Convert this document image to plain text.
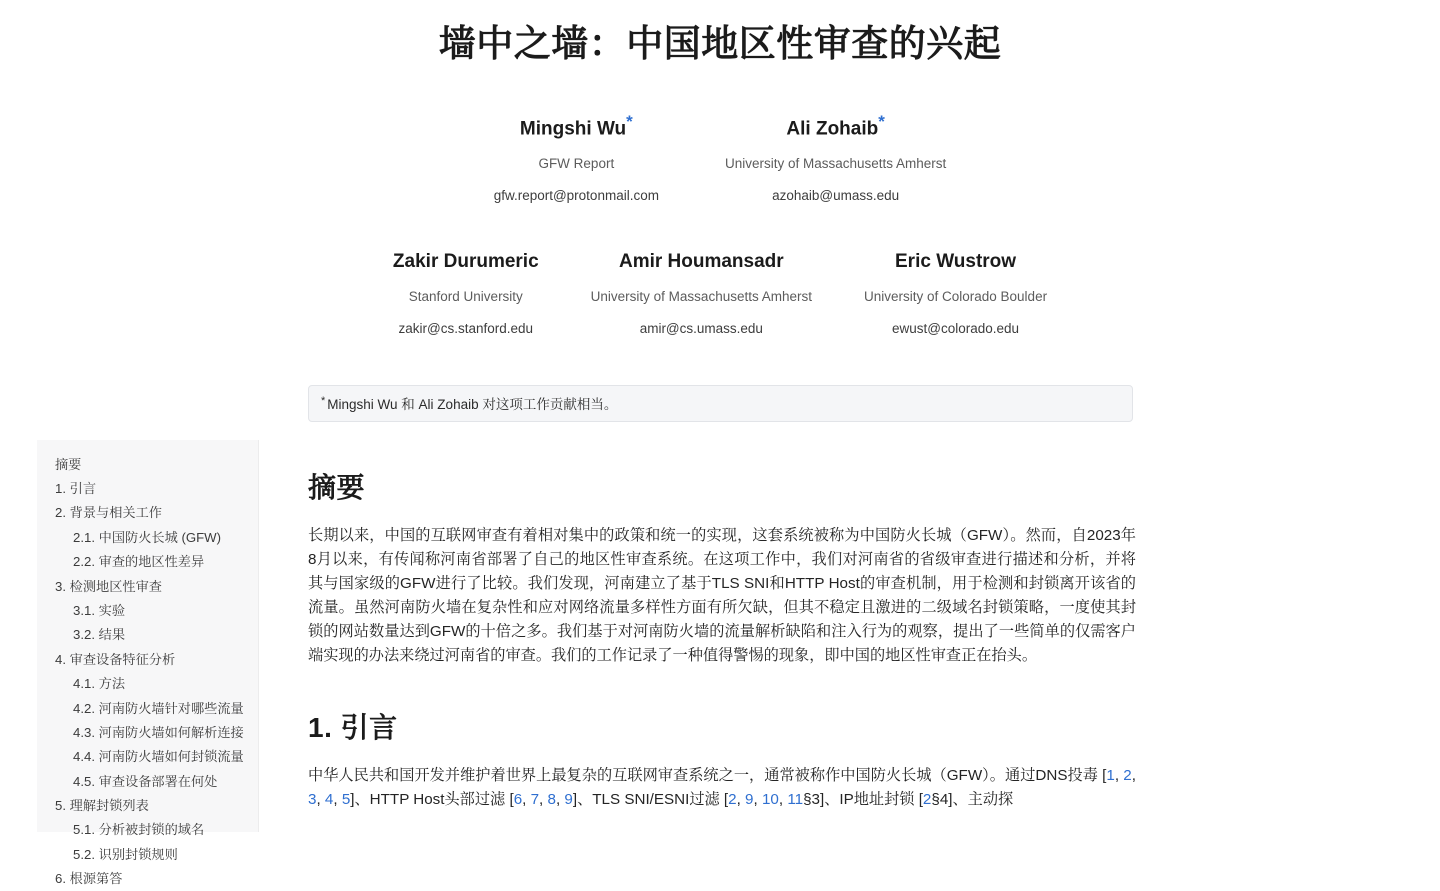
墙中之墙：中国地区性审查的兴起
Mingshi Wu*
GFW Report
gfw.report@protonmail.com
Ali Zohaib*
University of Massachusetts Amherst
azohaib@umass.edu
Zakir Durumeric
Stanford University
zakir@cs.stanford.edu
Amir Houmansadr
University of Massachusetts Amherst
amir@cs.umass.edu
Eric Wustrow
University of Colorado Boulder
ewust@colorado.edu
* Mingshi Wu 和 Ali Zohaib 对这项工作贡献相当。
摘要
1. 引言
2. 背景与相关工作
2.1. 中国防火长城 (GFW)
2.2. 审查的地区性差异
3. 检测地区性审查
3.1. 实验
3.2. 结果
4. 审查设备特征分析
4.1. 方法
4.2. 河南防火墙针对哪些流量
4.3. 河南防火墙如何解析连接
4.4. 河南防火墙如何封锁流量
4.5. 审查设备部署在何处
5. 理解封锁列表
5.1. 分析被封锁的域名
5.2. 识别封锁规则
6. 根源第答
摘要

长期以来，中国的互联网审查有着相对集中的政策和统一的实现，这套系统被称为中国防火长城（GFW）。然而，自2023年8月以来，有传闻称河南省部署了自己的地区性审查系统。在这项工作中，我们对河南省的省级审查进行描述和分析，并将其与国家级的GFW进行了比较。我们发现，河南建立了基于TLS SNI和HTTP Host的审查机制，用于检测和封锁离开该省的流量。虽然河南防火墙在复杂性和应对网络流量多样性方面有所欠缺，但其不稳定且激进的二级域名封锁策略，一度使其封锁的网站数量达到GFW的十倍之多。我们基于对河南防火墙的流量解析缺陷和注入行为的观察，提出了一些简单的仅需客户端实现的办法来绕过河南省的审查。我们的工作记录了一种值得警惕的现象，即中国的地区性审查正在抬头。

1. 引言

中华人民共和国开发并维护着世界上最复杂的互联网审查系统之一，通常被称作中国防火长城（GFW）。通过DNS投毒 [1, 2, 3, 4, 5]、HTTP Host头部过滤 [6, 7, 8, 9]、TLS SNI/ESNI过滤 [2, 9, 10, 11§3]、IP地址封锁 [2§4]、主动探
